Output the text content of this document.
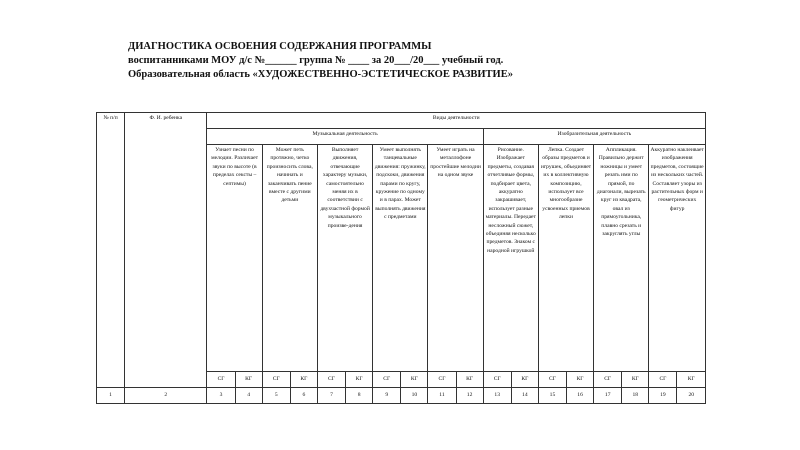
ДИАГНОСТИКА ОСВОЕНИЯ СОДЕРЖАНИЯ ПРОГРАММЫ
воспитанниками МОУ д/с №______ группа № ____ за 20___/20___ учебный год.
Образовательная область «ХУДОЖЕСТВЕННО-ЭСТЕТИЧЕСКОЕ РАЗВИТИЕ»
№ п/п	Ф. И. ребенка	Виды деятельности																	
		Музыкальная деятельность										Изобразительная деятельность							
		Узнает песни по мелодии. Различает звуки по высоте (в пределах сексты – септимы)		Может петь протяжно, четко произносить слова, начинать и заканчивать пение вместе с другими детьми		Выполняет движения, отвечающие характеру музыки, самостоятельно меняя их в соответствии с двухчастной формой музыкального произве-дения		Умеет выполнять танцевальные движения: пружинку, подскоки, движения парами по кругу, кружение по одному и в парах. Может выполнять движения с предметами		Умеет играть на металлофоне простейшие мелодии на одном звуке		Рисование. Изображает предметы, создавая отчетливые формы, подбирает цвета, аккуратно закрашивает, использует разные материалы. Передает несложный сюжет, объединяя несколько предметов. Знаком с народной игрушкой		Лепка. Создает образы предметов и игрушек, объединяет их в коллективную композицию, использует все многообразие усвоенных приемов лепки		Аппликация. Правильно держит ножницы и умеет резать ими по прямой, по диагонали, вырезать круг из квадрата, овал из прямоугольника, плавно срезать и закруглять углы		Аккуратно наклеивает изображения предметов, состоящие из нескольких частей. Составляет узоры из растительных форм и геометрических фигур	
		СГ	КГ	СГ	КГ	СГ	КГ	СГ	КГ	СГ	КГ	СГ	КГ	СГ	КГ	СГ	КГ	СГ	КГ
1	2	3	4	5	6	7	8	9	10	11	12	13	14	15	16	17	18	19	20
